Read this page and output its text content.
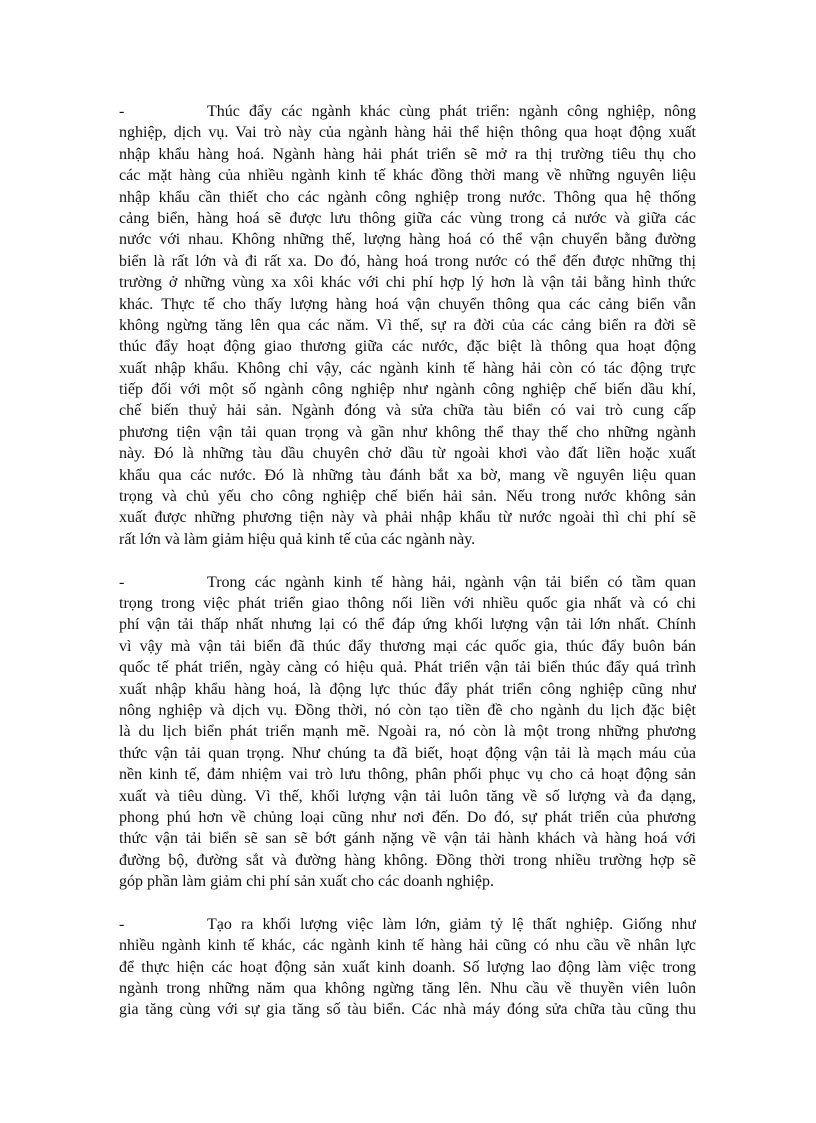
-	Thúc đẩy các ngành khác cùng phát triển: ngành công nghiệp, nông
nghiệp, dịch vụ. Vai trò này của ngành hàng hải thể hiện thông qua hoạt động xuất
nhập khẩu hàng hoá. Ngành hàng hải phát triển sẽ mở ra thị trường tiêu thụ cho
các mặt hàng của nhiều ngành kinh tế khác đồng thời mang về những nguyên liệu
nhập khẩu cần thiết cho các ngành công nghiệp trong nước. Thông qua hệ thống
cảng biển, hàng hoá sẽ được lưu thông giữa các vùng trong cả nước và giữa các
nước với nhau. Không những thế, lượng hàng hoá có thể vận chuyển bằng đường
biển là rất lớn và đi rất xa. Do đó, hàng hoá trong nước có thể đến được những thị
trường ở những vùng xa xôi khác với chi phí hợp lý hơn là vận tải bằng hình thức
khác. Thực tế cho thấy lượng hàng hoá vận chuyển thông qua các cảng biển vẫn
không ngừng tăng lên qua các năm. Vì thế, sự ra đời của các cảng biển ra đời sẽ
thúc đẩy hoạt động giao thương giữa các nước, đặc biệt là thông qua hoạt động
xuất nhập khẩu. Không chỉ vậy, các ngành kinh tế hàng hải còn có tác động trực
tiếp đối với một số ngành công nghiệp như ngành công nghiệp chế biến dầu khí,
chế biến thuỷ hải sản. Ngành đóng và sửa chữa tàu biển có vai trò cung cấp
phương tiện vận tải quan trọng và gần như không thể thay thế cho những ngành
này. Đó là những tàu dầu chuyên chở dầu từ ngoài khơi vào đất liền hoặc xuất
khẩu qua các nước. Đó là những tàu đánh bắt xa bờ, mang về nguyên liệu quan
trọng và chủ yếu cho công nghiệp chế biến hải sản. Nếu trong nước không sản
xuất được những phương tiện này và phải nhập khẩu từ nước ngoài thì chi phí sẽ
rất lớn và làm giảm hiệu quả kinh tế của các ngành này.
-	Trong các ngành kinh tế hàng hải, ngành vận tải biển có tầm quan
trọng trong việc phát triển giao thông nối liền với nhiều quốc gia nhất và có chi
phí vận tải thấp nhất nhưng lại có thể đáp ứng khối lượng vận tải lớn nhất. Chính
vì vậy mà vận tải biển đã thúc đẩy thương mại các quốc gia, thúc đẩy buôn bán
quốc tế phát triển, ngày càng có hiệu quả. Phát triển vận tải biển thúc đẩy quá trình
xuất nhập khẩu hàng hoá, là động lực thúc đẩy phát triển công nghiệp cũng như
nông nghiệp và dịch vụ. Đồng thời, nó còn tạo tiền đề cho ngành du lịch đặc biệt
là du lịch biển phát triển mạnh mẽ. Ngoài ra, nó còn là một trong những phương
thức vận tải quan trọng. Như chúng ta đã biết, hoạt động vận tải là mạch máu của
nền kinh tế, đảm nhiệm vai trò lưu thông, phân phối phục vụ cho cả hoạt động sản
xuất và tiêu dùng. Vì thế, khối lượng vận tải luôn tăng về số lượng và đa dạng,
phong phú hơn về chủng loại cũng như nơi đến. Do đó, sự phát triển của phương
thức vận tải biển sẽ san sẽ bớt gánh nặng về vận tải hành khách và hàng hoá với
đường bộ, đường sắt và đường hàng không. Đồng thời trong nhiều trường hợp sẽ
góp phần làm giảm chi phí sản xuất cho các doanh nghiệp.
-	Tạo ra khối lượng việc làm lớn, giảm tỷ lệ thất nghiệp. Giống như
nhiều ngành kinh tế khác, các ngành kinh tế hàng hải cũng có nhu cầu về nhân lực
để thực hiện các hoạt động sản xuất kinh doanh. Số lượng lao động làm việc trong
ngành trong những năm qua không ngừng tăng lên. Nhu cầu về thuyền viên luôn
gia tăng cùng với sự gia tăng số tàu biển. Các nhà máy đóng sửa chữa tàu cũng thu
